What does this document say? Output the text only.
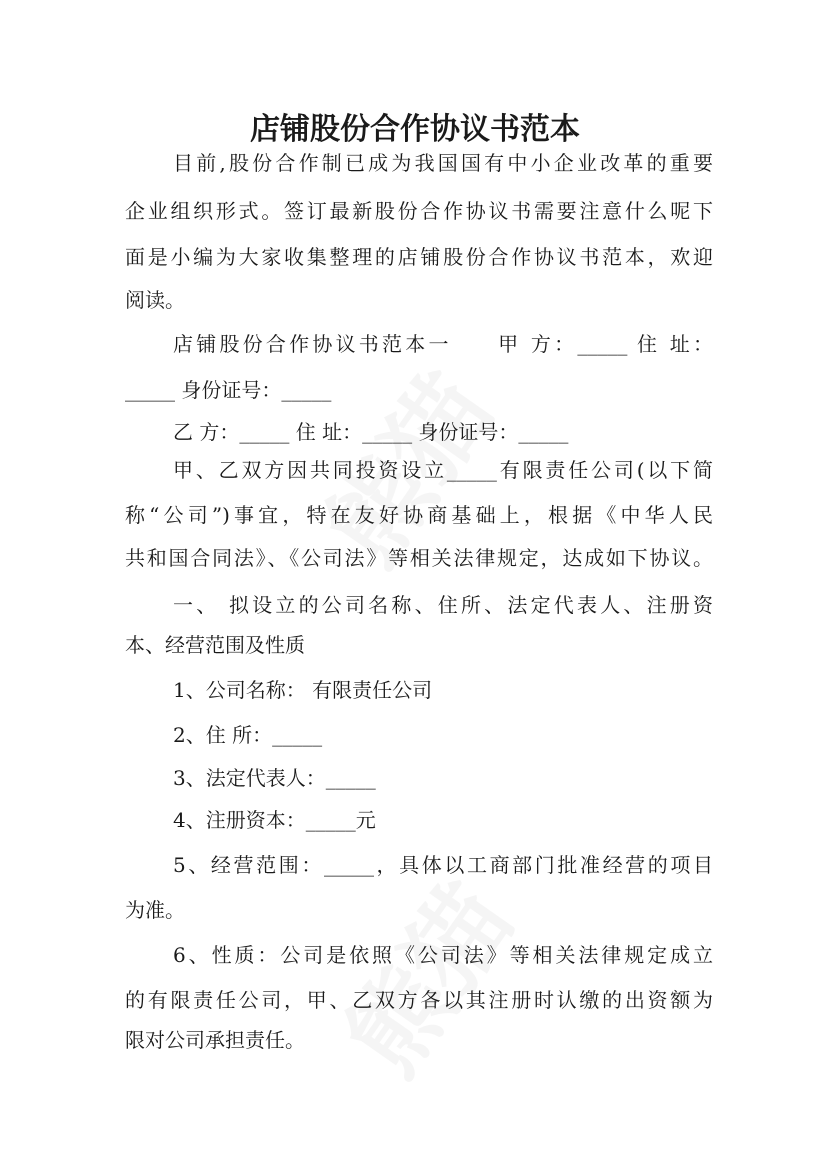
店铺股份合作协议书范本
目前,股份合作制已成为我国国有中小企业改革的重要
企业组织形式。签订最新股份合作协议书需要注意什么呢下
面是小编为大家收集整理的店铺股份合作协议书范本，欢迎
阅读。
店铺股份合作协议书范本一　　甲 方：_____ 住 址：
_____ 身份证号：_____
乙 方：_____ 住 址：_____ 身份证号：_____
甲、乙双方因共同投资设立_____有限责任公司(以下简
称“公司”)事宜，特在友好协商基础上，根据《中华人民
共和国合同法》、《公司法》等相关法律规定，达成如下协议。
一、 拟设立的公司名称、住所、法定代表人、注册资
本、经营范围及性质
1、公司名称： 有限责任公司
2、住 所：_____
3、法定代表人：_____
4、注册资本：_____元
5、经营范围：_____，具体以工商部门批准经营的项目
为准。
6、性质：公司是依照《公司法》等相关法律规定成立
的有限责任公司，甲、乙双方各以其注册时认缴的出资额为
限对公司承担责任。
